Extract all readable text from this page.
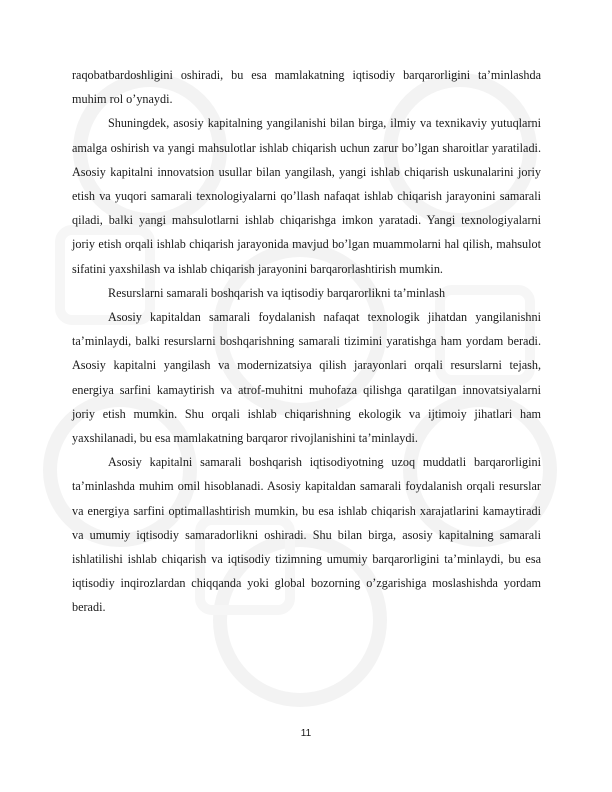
raqobatbardoshligini oshiradi, bu esa mamlakatning iqtisodiy barqarorligini ta’minlashda muhim rol o’ynaydi.

Shuningdek, asosiy kapitalning yangilanishi bilan birga, ilmiy va texnikaviy yutuqlarni amalga oshirish va yangi mahsulotlar ishlab chiqarish uchun zarur bo’lgan sharoitlar yaratiladi. Asosiy kapitalni innovatsion usullar bilan yangilash, yangi ishlab chiqarish uskunalarini joriy etish va yuqori samarali texnologiyalarni qo’llash nafaqat ishlab chiqarish jarayonini samarali qiladi, balki yangi mahsulotlarni ishlab chiqarishga imkon yaratadi. Yangi texnologiyalarni joriy etish orqali ishlab chiqarish jarayonida mavjud bo’lgan muammolarni hal qilish, mahsulot sifatini yaxshilash va ishlab chiqarish jarayonini barqarorlashtirish mumkin.

Resurslarni samarali boshqarish va iqtisodiy barqarorlikni ta’minlash

Asosiy kapitaldan samarali foydalanish nafaqat texnologik jihatdan yangilanishni ta’minlaydi, balki resurslarni boshqarishning samarali tizimini yaratishga ham yordam beradi. Asosiy kapitalni yangilash va modernizatsiya qilish jarayonlari orqali resurslarni tejash, energiya sarfini kamaytirish va atrof-muhitni muhofaza qilishga qaratilgan innovatsiyalarni joriy etish mumkin. Shu orqali ishlab chiqarishning ekologik va ijtimoiy jihatlari ham yaxshilanadi, bu esa mamlakatning barqaror rivojlanishini ta’minlaydi.

Asosiy kapitalni samarali boshqarish iqtisodiyotning uzoq muddatli barqarorligini ta’minlashda muhim omil hisoblanadi. Asosiy kapitaldan samarali foydalanish orqali resurslar va energiya sarfini optimallashtirish mumkin, bu esa ishlab chiqarish xarajatlarini kamaytiradi va umumiy iqtisodiy samaradorlikni oshiradi. Shu bilan birga, asosiy kapitalning samarali ishlatilishi ishlab chiqarish va iqtisodiy tizimning umumiy barqarorligini ta’minlaydi, bu esa iqtisodiy inqirozlardan chiqqanda yoki global bozorning o’zgarishiga moslashishda yordam beradi.

11
